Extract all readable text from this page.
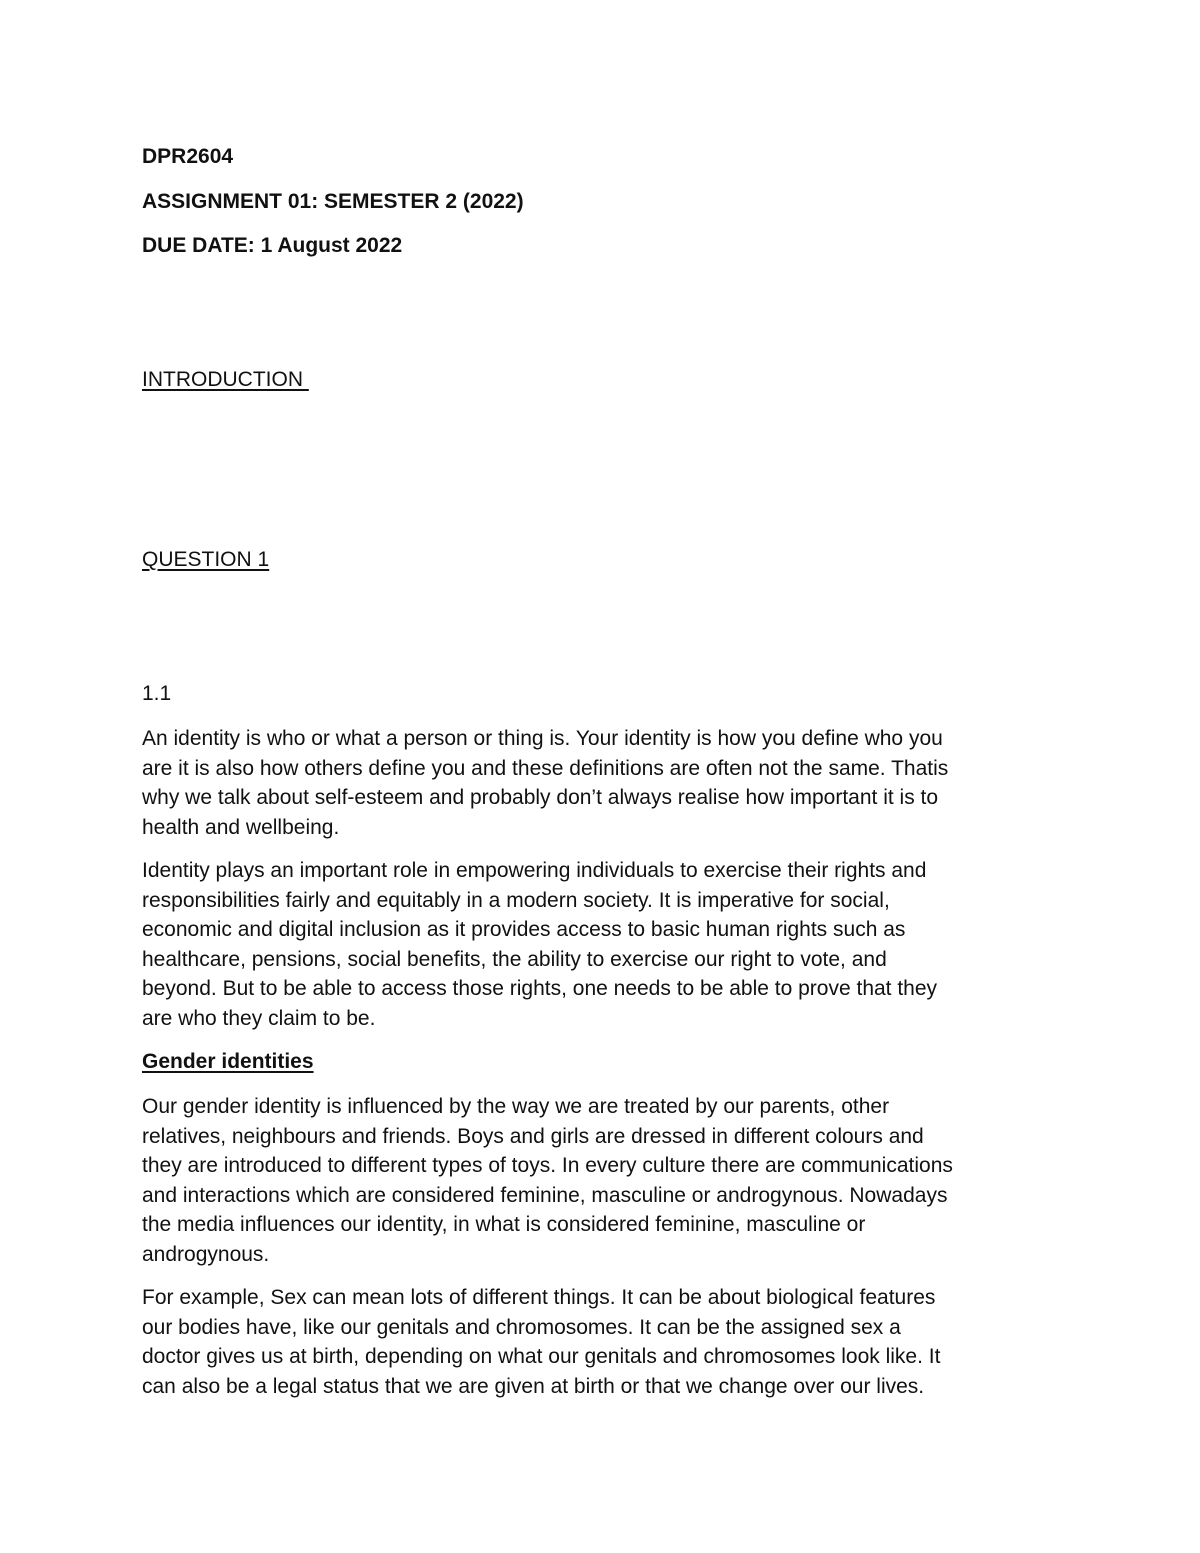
DPR2604
ASSIGNMENT 01: SEMESTER 2 (2022)
DUE DATE: 1 August 2022
INTRODUCTION
QUESTION 1
1.1
An identity is who or what a person or thing is. Your identity is how you define who you
are it is also how others define you and these definitions are often not the same. Thatis
why we talk about self-esteem and probably don’t always realise how important it is to
health and wellbeing.
Identity plays an important role in empowering individuals to exercise their rights and
responsibilities fairly and equitably in a modern society. It is imperative for social,
economic and digital inclusion as it provides access to basic human rights such as
healthcare, pensions, social benefits, the ability to exercise our right to vote, and
beyond. But to be able to access those rights, one needs to be able to prove that they
are who they claim to be.
Gender identities
Our gender identity is influenced by the way we are treated by our parents, other
relatives, neighbours and friends. Boys and girls are dressed in different colours and
they are introduced to different types of toys. In every culture there are communications
and interactions which are considered feminine, masculine or androgynous. Nowadays
the media influences our identity, in what is considered feminine, masculine or
androgynous.
For example, Sex can mean lots of different things. It can be about biological features
our bodies have, like our genitals and chromosomes. It can be the assigned sex a
doctor gives us at birth, depending on what our genitals and chromosomes look like. It
can also be a legal status that we are given at birth or that we change over our lives.
